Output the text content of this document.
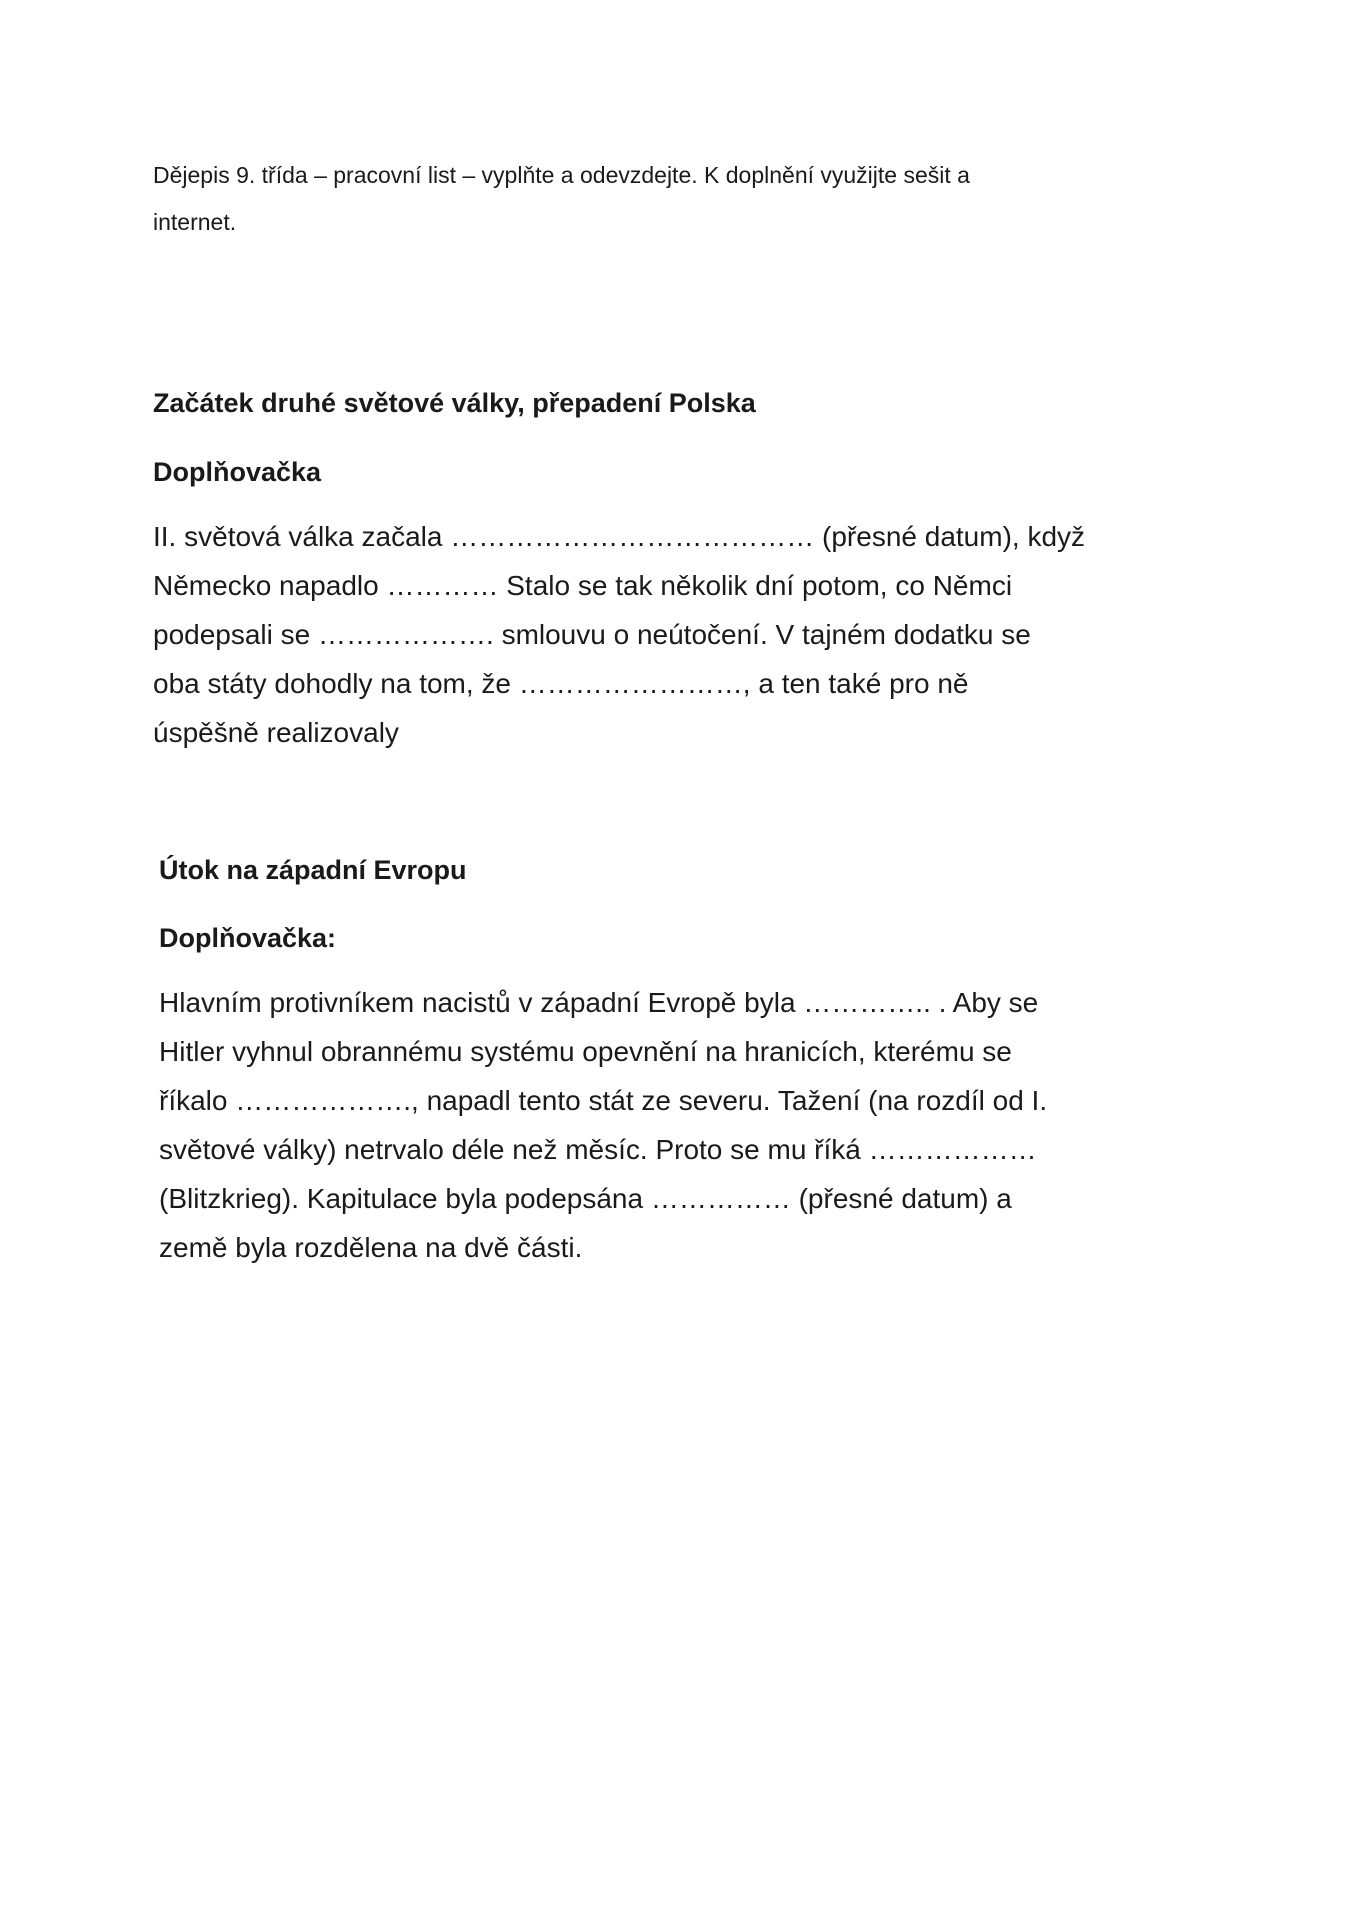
Dějepis 9. třída – pracovní list – vyplňte a odevzdejte. K doplnění využijte sešit a
internet.
Začátek druhé světové války, přepadení Polska
Doplňovačka
II. světová válka začala ………………………………… (přesné datum), když
Německo napadlo ………… Stalo se tak několik dní potom, co Němci
podepsali se ………………. smlouvu o neútočení. V tajném dodatku se
oba státy dohodly na tom, že ……………………, a ten také pro ně
úspěšně realizovaly
Útok na západní Evropu
Doplňovačka:
Hlavním protivníkem nacistů v západní Evropě byla ………….. . Aby se
Hitler vyhnul obrannému systému opevnění na hranicích, kterému se
říkalo ………………., napadl tento stát ze severu. Tažení (na rozdíl od I.
světové války) netrvalo déle než měsíc. Proto se mu říká ………………
(Blitzkrieg). Kapitulace byla podepsána …………… (přesné datum) a
země byla rozdělena na dvě části.
